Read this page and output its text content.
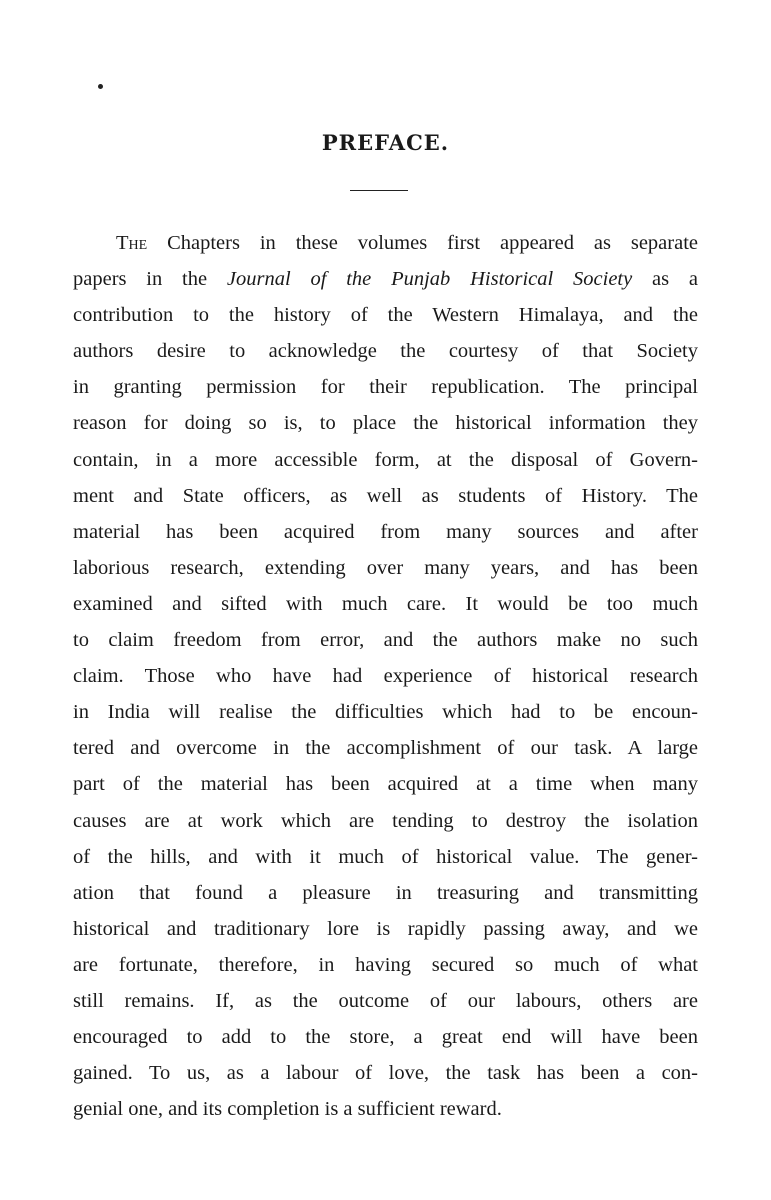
PREFACE.

The Chapters in these volumes first appeared as separate
papers in the Journal of the Punjab Historical Society as a
contribution to the history of the Western Himalaya, and the
authors desire to acknowledge the courtesy of that Society
in granting permission for their republication. The principal
reason for doing so is, to place the historical information they
contain, in a more accessible form, at the disposal of Govern-
ment and State officers, as well as students of History. The
material has been acquired from many sources and after
laborious research, extending over many years, and has been
examined and sifted with much care. It would be too much
to claim freedom from error, and the authors make no such
claim. Those who have had experience of historical research
in India will realise the difficulties which had to be encoun-
tered and overcome in the accomplishment of our task. A large
part of the material has been acquired at a time when many
causes are at work which are tending to destroy the isolation
of the hills, and with it much of historical value. The gener-
ation that found a pleasure in treasuring and transmitting
historical and traditionary lore is rapidly passing away, and we
are fortunate, therefore, in having secured so much of what
still remains. If, as the outcome of our labours, others are
encouraged to add to the store, a great end will have been
gained. To us, as a labour of love, the task has been a con-
genial one, and its completion is a sufficient reward.
